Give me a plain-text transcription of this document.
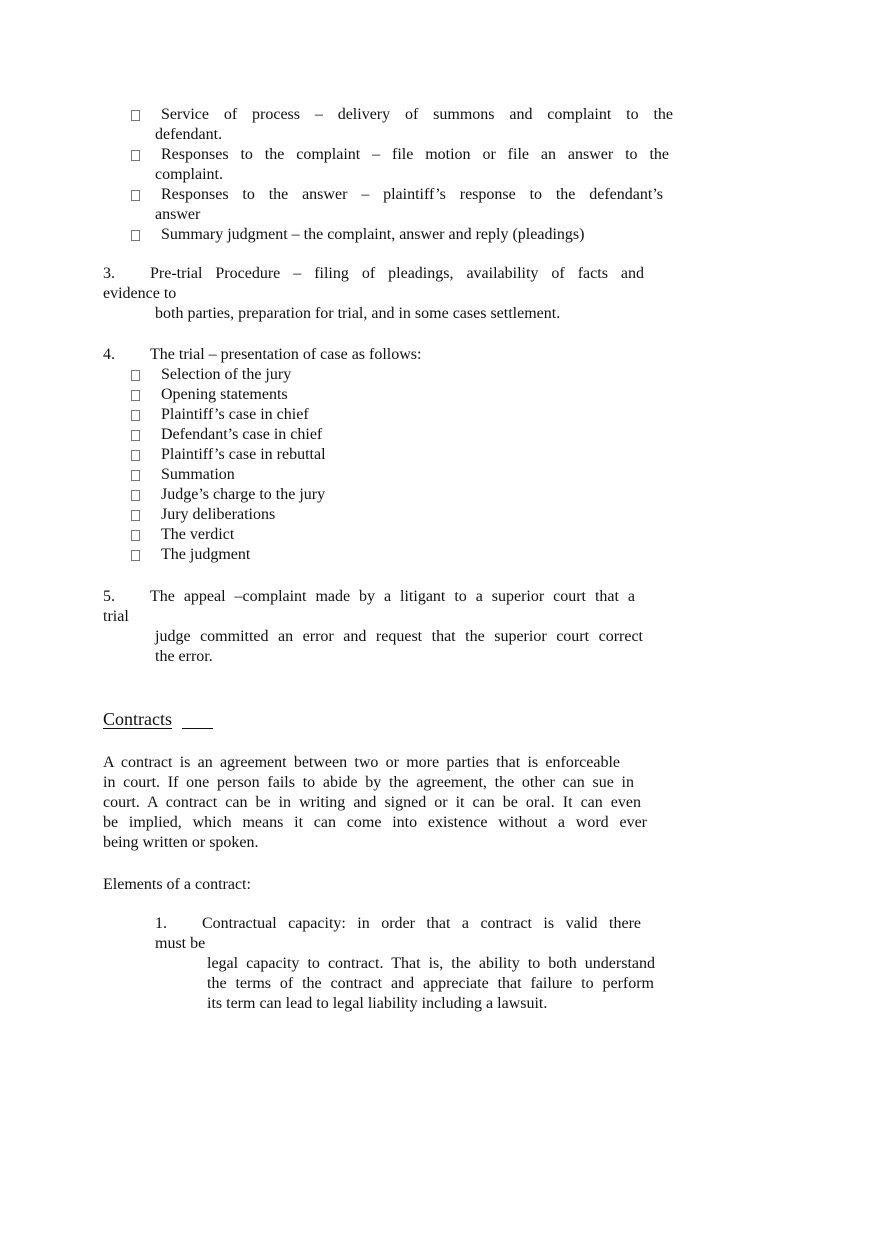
Service of process – delivery of summons and complaint to the
defendant.
Responses to the complaint – file motion or file an answer to the
complaint.
Responses to the answer – plaintiff’s response to the defendant’s
answer
Summary judgment – the complaint, answer and reply (pleadings)
3. Pre-trial Procedure – filing of pleadings, availability of facts and
evidence to
both parties, preparation for trial, and in some cases settlement.
4. The trial – presentation of case as follows:
Selection of the jury
Opening statements
Plaintiff’s case in chief
Defendant’s case in chief
Plaintiff’s case in rebuttal
Summation
Judge’s charge to the jury
Jury deliberations
The verdict
The judgment
5. The appeal –complaint made by a litigant to a superior court that a
trial
judge committed an error and request that the superior court correct
the error.
Contracts
A contract is an agreement between two or more parties that is enforceable
in court. If one person fails to abide by the agreement, the other can sue in
court. A contract can be in writing and signed or it can be oral. It can even
be implied, which means it can come into existence without a word ever
being written or spoken.
Elements of a contract:
1. Contractual capacity: in order that a contract is valid there
must be
legal capacity to contract. That is, the ability to both understand
the terms of the contract and appreciate that failure to perform
its term can lead to legal liability including a lawsuit.
